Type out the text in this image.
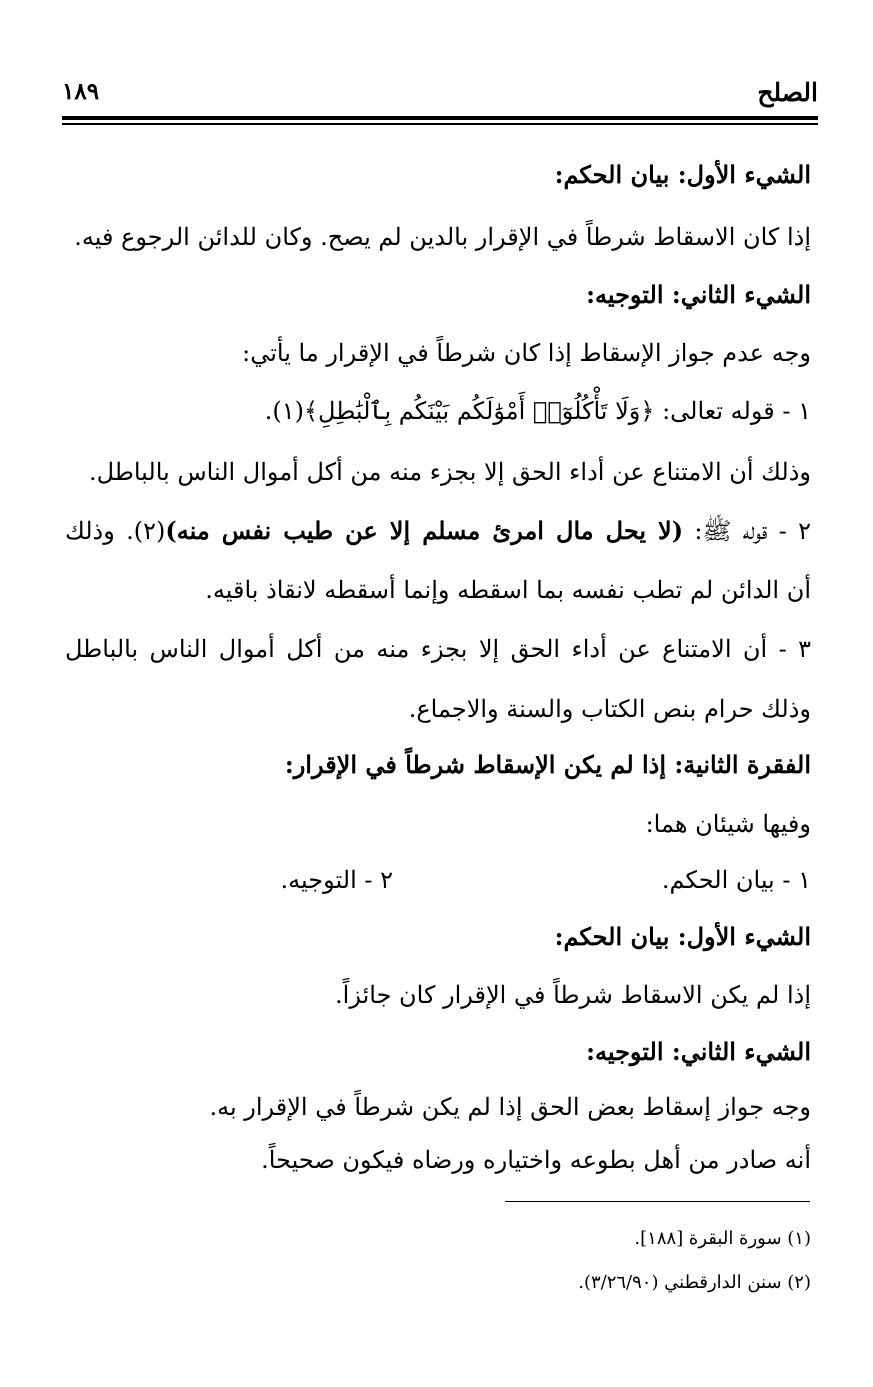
الصلح
١٨٩
الشيء الأول: بيان الحكم:
إذا كان الاسقاط شرطاً في الإقرار بالدين لم يصح. وكان للدائن الرجوع فيه.
الشيء الثاني: التوجيه:
وجه عدم جواز الإسقاط إذا كان شرطاً في الإقرار ما يأتي:
١ - قوله تعالى: ﴿وَلَا تَأْكُلُوٓا۟ أَمْوَٰلَكُم بَيْنَكُم بِٱلْبَٰطِلِ﴾(١).
وذلك أن الامتناع عن أداء الحق إلا بجزء منه من أكل أموال الناس بالباطل.
٢ - قوله ﷺ: (لا يحل مال امرئ مسلم إلا عن طيب نفس منه)(٢). وذلك
أن الدائن لم تطب نفسه بما اسقطه وإنما أسقطه لانقاذ باقيه.
٣ - أن الامتناع عن أداء الحق إلا بجزء منه من أكل أموال الناس بالباطل
وذلك حرام بنص الكتاب والسنة والاجماع.
الفقرة الثانية: إذا لم يكن الإسقاط شرطاً في الإقرار:
وفيها شيئان هما:
١ - بيان الحكم.
٢ - التوجيه.
الشيء الأول: بيان الحكم:
إذا لم يكن الاسقاط شرطاً في الإقرار كان جائزاً.
الشيء الثاني: التوجيه:
وجه جواز إسقاط بعض الحق إذا لم يكن شرطاً في الإقرار به.
أنه صادر من أهل بطوعه واختياره ورضاه فيكون صحيحاً.
(١) سورة البقرة [١٨٨].
(٢) سنن الدارقطني (٣/٢٦/٩٠).
